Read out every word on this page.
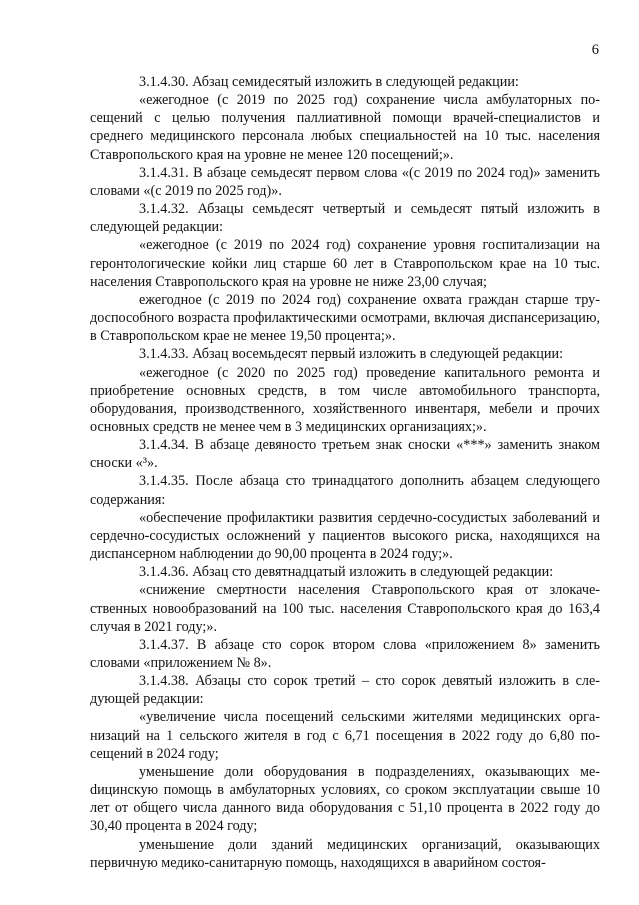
6

3.1.4.30. Абзац семидесятый изложить в следующей редакции:

«ежегодное (с 2019 по 2025 год) сохранение числа амбулаторных посещений с целью получения паллиативной помощи врачей-специалистов и среднего медицинского персонала любых специальностей на 10 тыс. населения Ставропольского края на уровне не менее 120 посещений;».

3.1.4.31. В абзаце семьдесят первом слова «(с 2019 по 2024 год)» заменить словами «(с 2019 по 2025 год)».

3.1.4.32. Абзацы семьдесят четвертый и семьдесят пятый изложить в следующей редакции:

«ежегодное (с 2019 по 2024 год) сохранение уровня госпитализации на геронтологические койки лиц старше 60 лет в Ставропольском крае на 10 тыс. населения Ставропольского края на уровне не ниже 23,00 случая;

ежегодное (с 2019 по 2024 год) сохранение охвата граждан старше трудоспособного возраста профилактическими осмотрами, включая диспансеризацию, в Ставропольском крае не менее 19,50 процента;».

3.1.4.33. Абзац восемьдесят первый изложить в следующей редакции:

«ежегодное (с 2020 по 2025 год) проведение капитального ремонта и приобретение основных средств, в том числе автомобильного транспорта, оборудования, производственного, хозяйственного инвентаря, мебели и прочих основных средств не менее чем в 3 медицинских организациях;».

3.1.4.34. В абзаце девяносто третьем знак сноски «***» заменить знаком сноски «³».

3.1.4.35. После абзаца сто тринадцатого дополнить абзацем следующего содержания:

«обеспечение профилактики развития сердечно-сосудистых заболеваний и сердечно-сосудистых осложнений у пациентов высокого риска, находящихся на диспансерном наблюдении до 90,00 процента в 2024 году;».

3.1.4.36. Абзац сто девятнадцатый изложить в следующей редакции:

«снижение смертности населения Ставропольского края от злокачественных новообразований на 100 тыс. населения Ставропольского края до 163,4 случая в 2021 году;».

3.1.4.37. В абзаце сто сорок втором слова «приложением 8» заменить словами «приложением № 8».

3.1.4.38. Абзацы сто сорок третий – сто сорок девятый изложить в следующей редакции:

«увеличение числа посещений сельскими жителями медицинских организаций на 1 сельского жителя в год с 6,71 посещения в 2022 году до 6,80 посещений в 2024 году;

уменьшение доли оборудования в подразделениях, оказывающих меdицинскую помощь в амбулаторных условиях, со сроком эксплуатации свыше 10 лет от общего числа данного вида оборудования с 51,10 процента в 2022 году до 30,40 процента в 2024 году;

уменьшение доли зданий медицинских организаций, оказывающих первичную медико-санитарную помощь, находящихся в аварийном состоя-
